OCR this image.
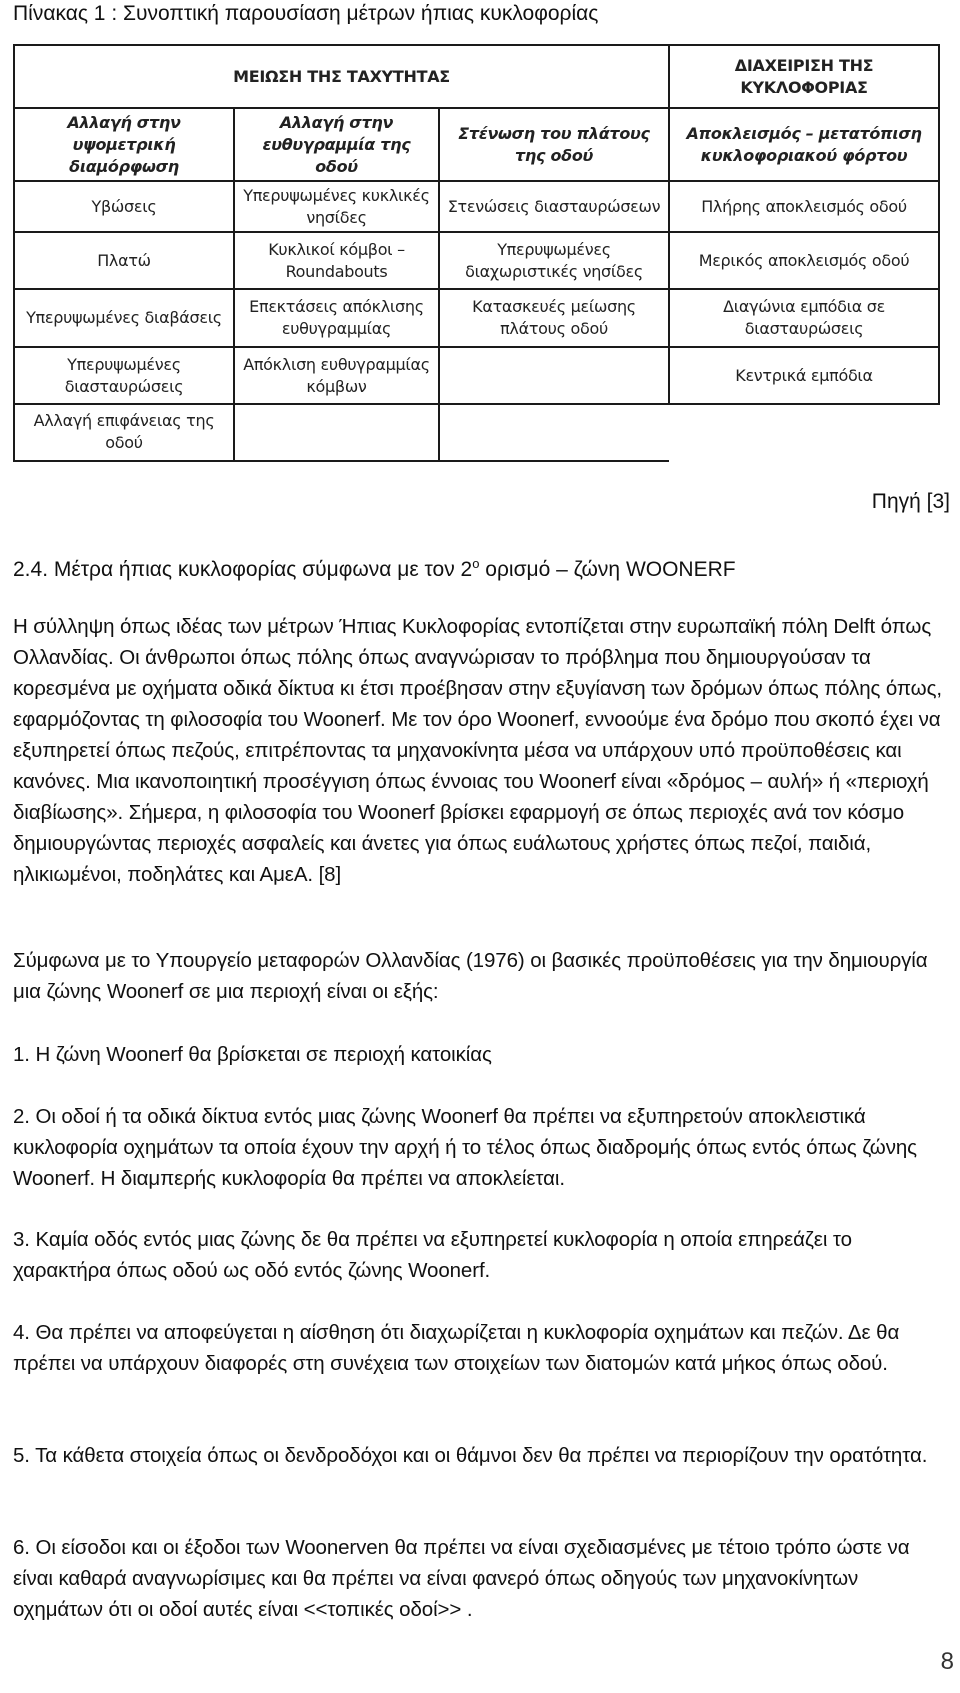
Πίνακας 1 : Συνοπτική παρουσίαση μέτρων ήπιας κυκλοφορίας
ΜΕΙΩΣΗ ΤΗΣ ΤΑΧΥΤΗΤΑΣ			ΔΙΑΧΕΙΡΙΣΗ ΤΗΣ ΚΥΚΛΟΦΟΡΙΑΣ
Αλλαγή στην υψομετρική διαμόρφωση	Αλλαγή στην ευθυγραμμία της οδού	Στένωση του πλάτους της οδού	Αποκλεισμός – μετατόπιση κυκλοφοριακού φόρτου
Υβώσεις	Υπερυψωμένες κυκλικές νησίδες	Στενώσεις διασταυρώσεων	Πλήρης αποκλεισμός οδού
Πλατώ	Κυκλικοί κόμβοι – Roundabouts	Υπερυψωμένες διαχωριστικές νησίδες	Μερικός αποκλεισμός οδού
Υπερυψωμένες διαβάσεις	Επεκτάσεις απόκλισης ευθυγραμμίας	Κατασκευές μείωσης πλάτους οδού	Διαγώνια εμπόδια σε διασταυρώσεις
Υπερυψωμένες διασταυρώσεις	Απόκλιση ευθυγραμμίας κόμβων		Κεντρικά εμπόδια
Αλλαγή επιφάνειας της οδού			
Πηγή [3]
2.4. Μέτρα ήπιας κυκλοφορίας σύμφωνα με τον $2^o$ ορισμό – ζώνη WOONERF

Η σύλληψη όπως ιδέας των μέτρων Ήπιας Κυκλοφορίας εντοπίζεται στην ευρωπαϊκή πόλη Delft όπως Ολλανδίας. Οι άνθρωποι όπως πόλης όπως αναγνώρισαν το πρόβλημα που δημιουργούσαν τα κορεσμένα με οχήματα οδικά δίκτυα κι έτσι προέβησαν στην εξυγίανση των δρόμων όπως πόλης όπως, εφαρμόζοντας τη φιλοσοφία του Woonerf. Με τον όρο Woonerf, εννοούμε ένα δρόμο που σκοπό έχει να εξυπηρετεί όπως πεζούς, επιτρέποντας τα μηχανοκίνητα μέσα να υπάρχουν υπό προϋποθέσεις και κανόνες. Μια ικανοποιητική προσέγγιση όπως έννοιας του Woonerf είναι «δρόμος – αυλή» ή «περιοχή διαβίωσης». Σήμερα, η φιλοσοφία του Woonerf βρίσκει εφαρμογή σε όπως περιοχές ανά τον κόσμο δημιουργώντας περιοχές ασφαλείς και άνετες για όπως ευάλωτους χρήστες όπως πεζοί, παιδιά, ηλικιωμένοι, ποδηλάτες και ΑμεΑ. [8]

Σύμφωνα με το Υπουργείο μεταφορών Ολλανδίας (1976) οι βασικές προϋποθέσεις για την δημιουργία μια ζώνης Woonerf σε μια περιοχή είναι οι εξής:

1. Η ζώνη Woonerf θα βρίσκεται σε περιοχή κατοικίας

2. Οι οδοί ή τα οδικά δίκτυα εντός μιας ζώνης Woonerf θα πρέπει να εξυπηρετούν αποκλειστικά κυκλοφορία οχημάτων τα οποία έχουν την αρχή ή το τέλος όπως διαδρομής όπως εντός όπως ζώνης Woonerf. Η διαμπερής κυκλοφορία θα πρέπει να αποκλείεται.

3. Καμία οδός εντός μιας ζώνης δε θα πρέπει να εξυπηρετεί κυκλοφορία η οποία επηρεάζει το χαρακτήρα όπως οδού ως οδό εντός ζώνης Woonerf.

4. Θα πρέπει να αποφεύγεται η αίσθηση ότι διαχωρίζεται η κυκλοφορία οχημάτων και πεζών. Δε θα πρέπει να υπάρχουν διαφορές στη συνέχεια των στοιχείων των διατομών κατά μήκος όπως οδού.

5. Τα κάθετα στοιχεία όπως οι δενδροδόχοι και οι θάμνοι δεν θα πρέπει να περιορίζουν την ορατότητα.

6. Οι είσοδοι και οι έξοδοι των Woonerven θα πρέπει να είναι σχεδιασμένες με τέτοιο τρόπο ώστε να είναι καθαρά αναγνωρίσιμες και θα πρέπει να είναι φανερό όπως οδηγούς των μηχανοκίνητων οχημάτων ότι οι οδοί αυτές είναι <<τοπικές οδοί>> .

8
